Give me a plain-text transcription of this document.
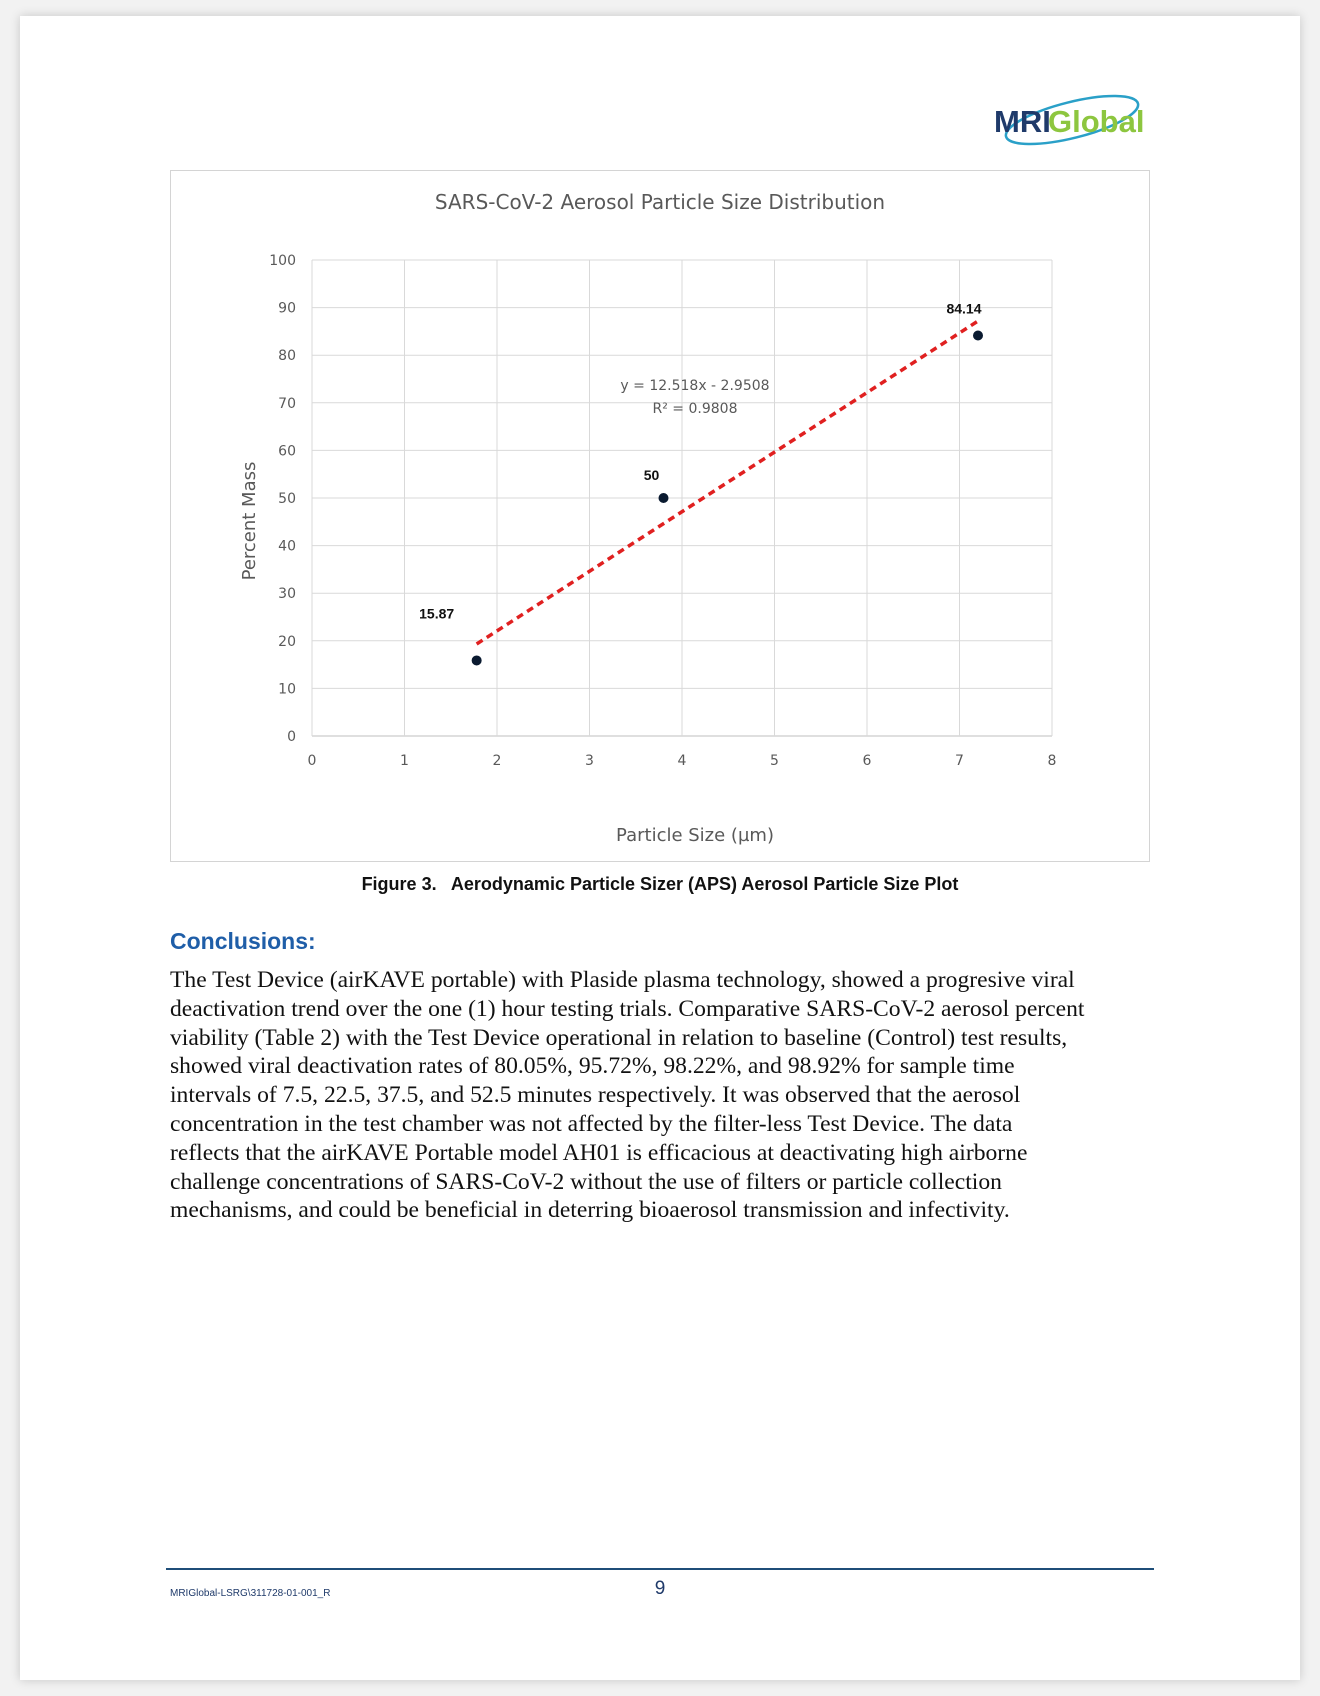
MRI
Global
SARS-CoV-2 Aerosol Particle Size Distribution
0
10
20
30
40
50
60
70
80
90
100
0	1	2	3	4	5	6	7	8
15.87
50
84.14
y = 12.518x - 2.9508
R² = 0.9808
Particle Size (µm)
Percent Mass
Figure 3.   Aerodynamic Particle Sizer (APS) Aerosol Particle Size Plot
Conclusions:
The Test Device (airKAVE portable) with Plaside plasma technology, showed a progresive viral
deactivation trend over the one (1) hour testing trials. Comparative SARS-CoV-2 aerosol percent
viability (Table 2) with the Test Device operational in relation to baseline (Control) test results,
showed viral deactivation rates of 80.05%, 95.72%, 98.22%, and 98.92% for sample time
intervals of 7.5, 22.5, 37.5, and 52.5 minutes respectively. It was observed that the aerosol
concentration in the test chamber was not affected by the filter-less Test Device. The data
reflects that the airKAVE Portable model AH01 is efficacious at deactivating high airborne
challenge concentrations of SARS-CoV-2 without the use of filters or particle collection
mechanisms, and could be beneficial in deterring bioaerosol transmission and infectivity.
MRIGlobal-LSRG\311728-01-001_R	9
